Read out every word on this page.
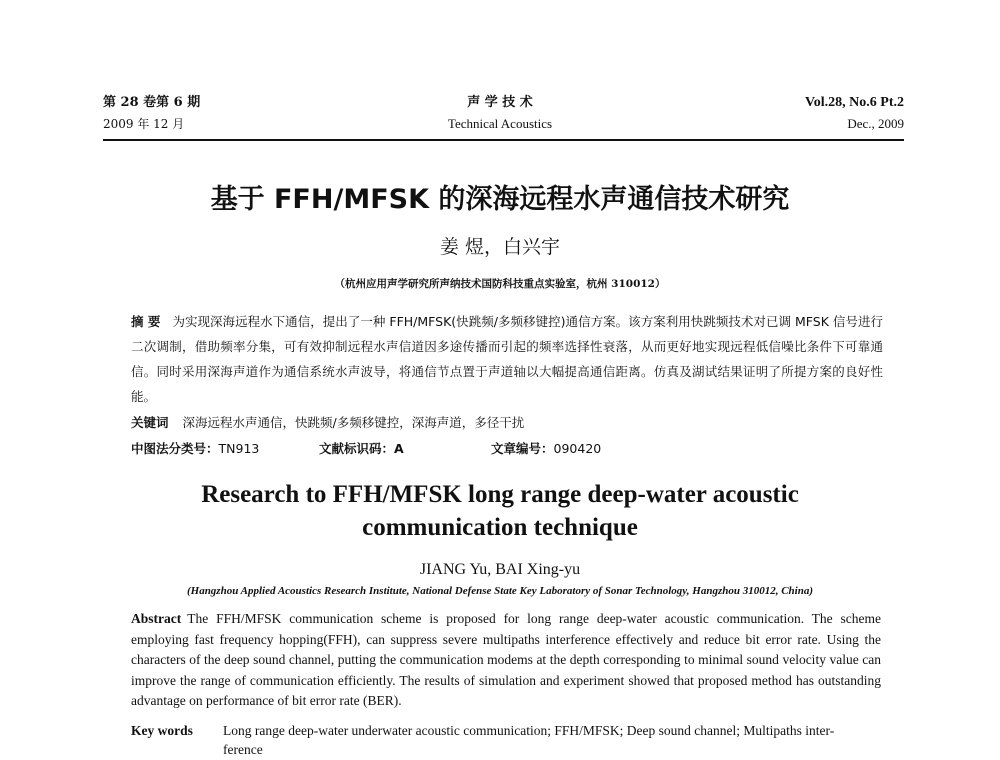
第 28 卷第 6 期
2009 年 12 月
声 学 技 术
Technical Acoustics
Vol.28, No.6 Pt.2
Dec., 2009
基于 FFH/MFSK 的深海远程水声通信技术研究
姜 煜，白兴宇
（杭州应用声学研究所声纳技术国防科技重点实验室，杭州 310012）
摘 要 为实现深海远程水下通信，提出了一种 FFH/MFSK(快跳频/多频移键控)通信方案。该方案利用快跳频技术对已调 MFSK 信号进行二次调制，借助频率分集，可有效抑制远程水声信道因多途传播而引起的频率选择性衰落，从而更好地实现远程低信噪比条件下可靠通信。同时采用深海声道作为通信系统水声波导，将通信节点置于声道轴以大幅提高通信距离。仿真及湖试结果证明了所提方案的良好性能。
关键词 深海远程水声通信，快跳频/多频移键控，深海声道，多径干扰
中图法分类号：TN913	文献标识码：A	文章编号：090420
Research to FFH/MFSK long range deep-water acoustic
communication technique
JIANG Yu, BAI Xing-yu
(Hangzhou Applied Acoustics Research Institute, National Defense State Key Laboratory of Sonar Technology, Hangzhou 310012, China)
Abstract The FFH/MFSK communication scheme is proposed for long range deep-water acoustic communication. The scheme employing fast frequency hopping(FFH), can suppress severe multipaths interference effectively and reduce bit error rate. Using the characters of the deep sound channel, putting the communication modems at the depth corresponding to minimal sound velocity value can improve the range of communication efficiently. The results of simulation and experiment showed that proposed method has outstanding advantage on performance of bit error rate (BER).
Key words Long range deep-water underwater acoustic communication; FFH/MFSK; Deep sound channel; Multipaths inter-ference
